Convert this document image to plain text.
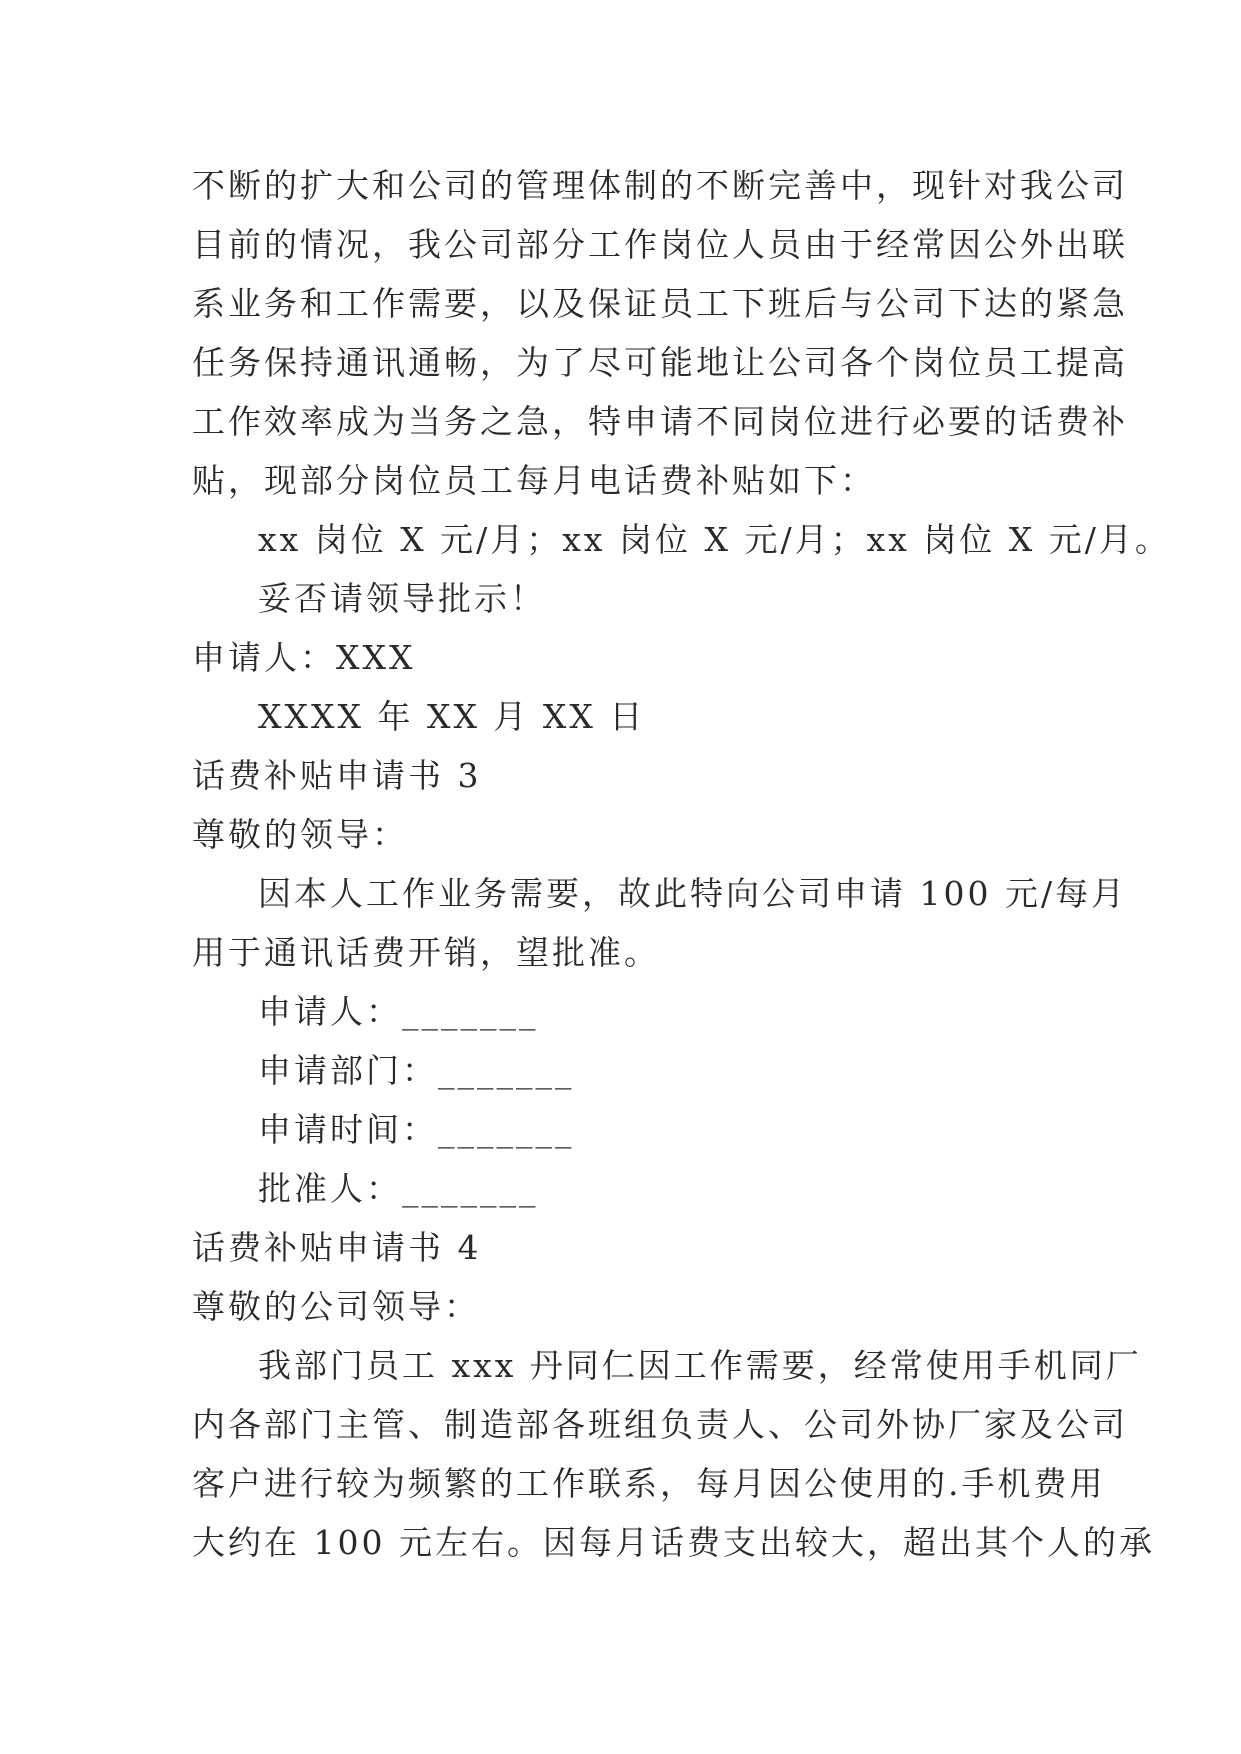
不断的扩大和公司的管理体制的不断完善中，现针对我公司
目前的情况，我公司部分工作岗位人员由于经常因公外出联
系业务和工作需要，以及保证员工下班后与公司下达的紧急
任务保持通讯通畅，为了尽可能地让公司各个岗位员工提高
工作效率成为当务之急，特申请不同岗位进行必要的话费补
贴，现部分岗位员工每月电话费补贴如下：
xx 岗位 X 元/月；xx 岗位 X 元/月；xx 岗位 X 元/月。
妥否请领导批示！
申请人：XXX
XXXX 年 XX 月 XX 日
话费补贴申请书 3
尊敬的领导：
因本人工作业务需要，故此特向公司申请 100 元/每月
用于通讯话费开销，望批准。
申请人：_______
申请部门：_______
申请时间：_______
批准人：_______
话费补贴申请书 4
尊敬的公司领导：
我部门员工 xxx 丹同仁因工作需要，经常使用手机同厂
内各部门主管、制造部各班组负责人、公司外协厂家及公司
客户进行较为频繁的工作联系，每月因公使用的.手机费用
大约在 100 元左右。因每月话费支出较大，超出其个人的承
